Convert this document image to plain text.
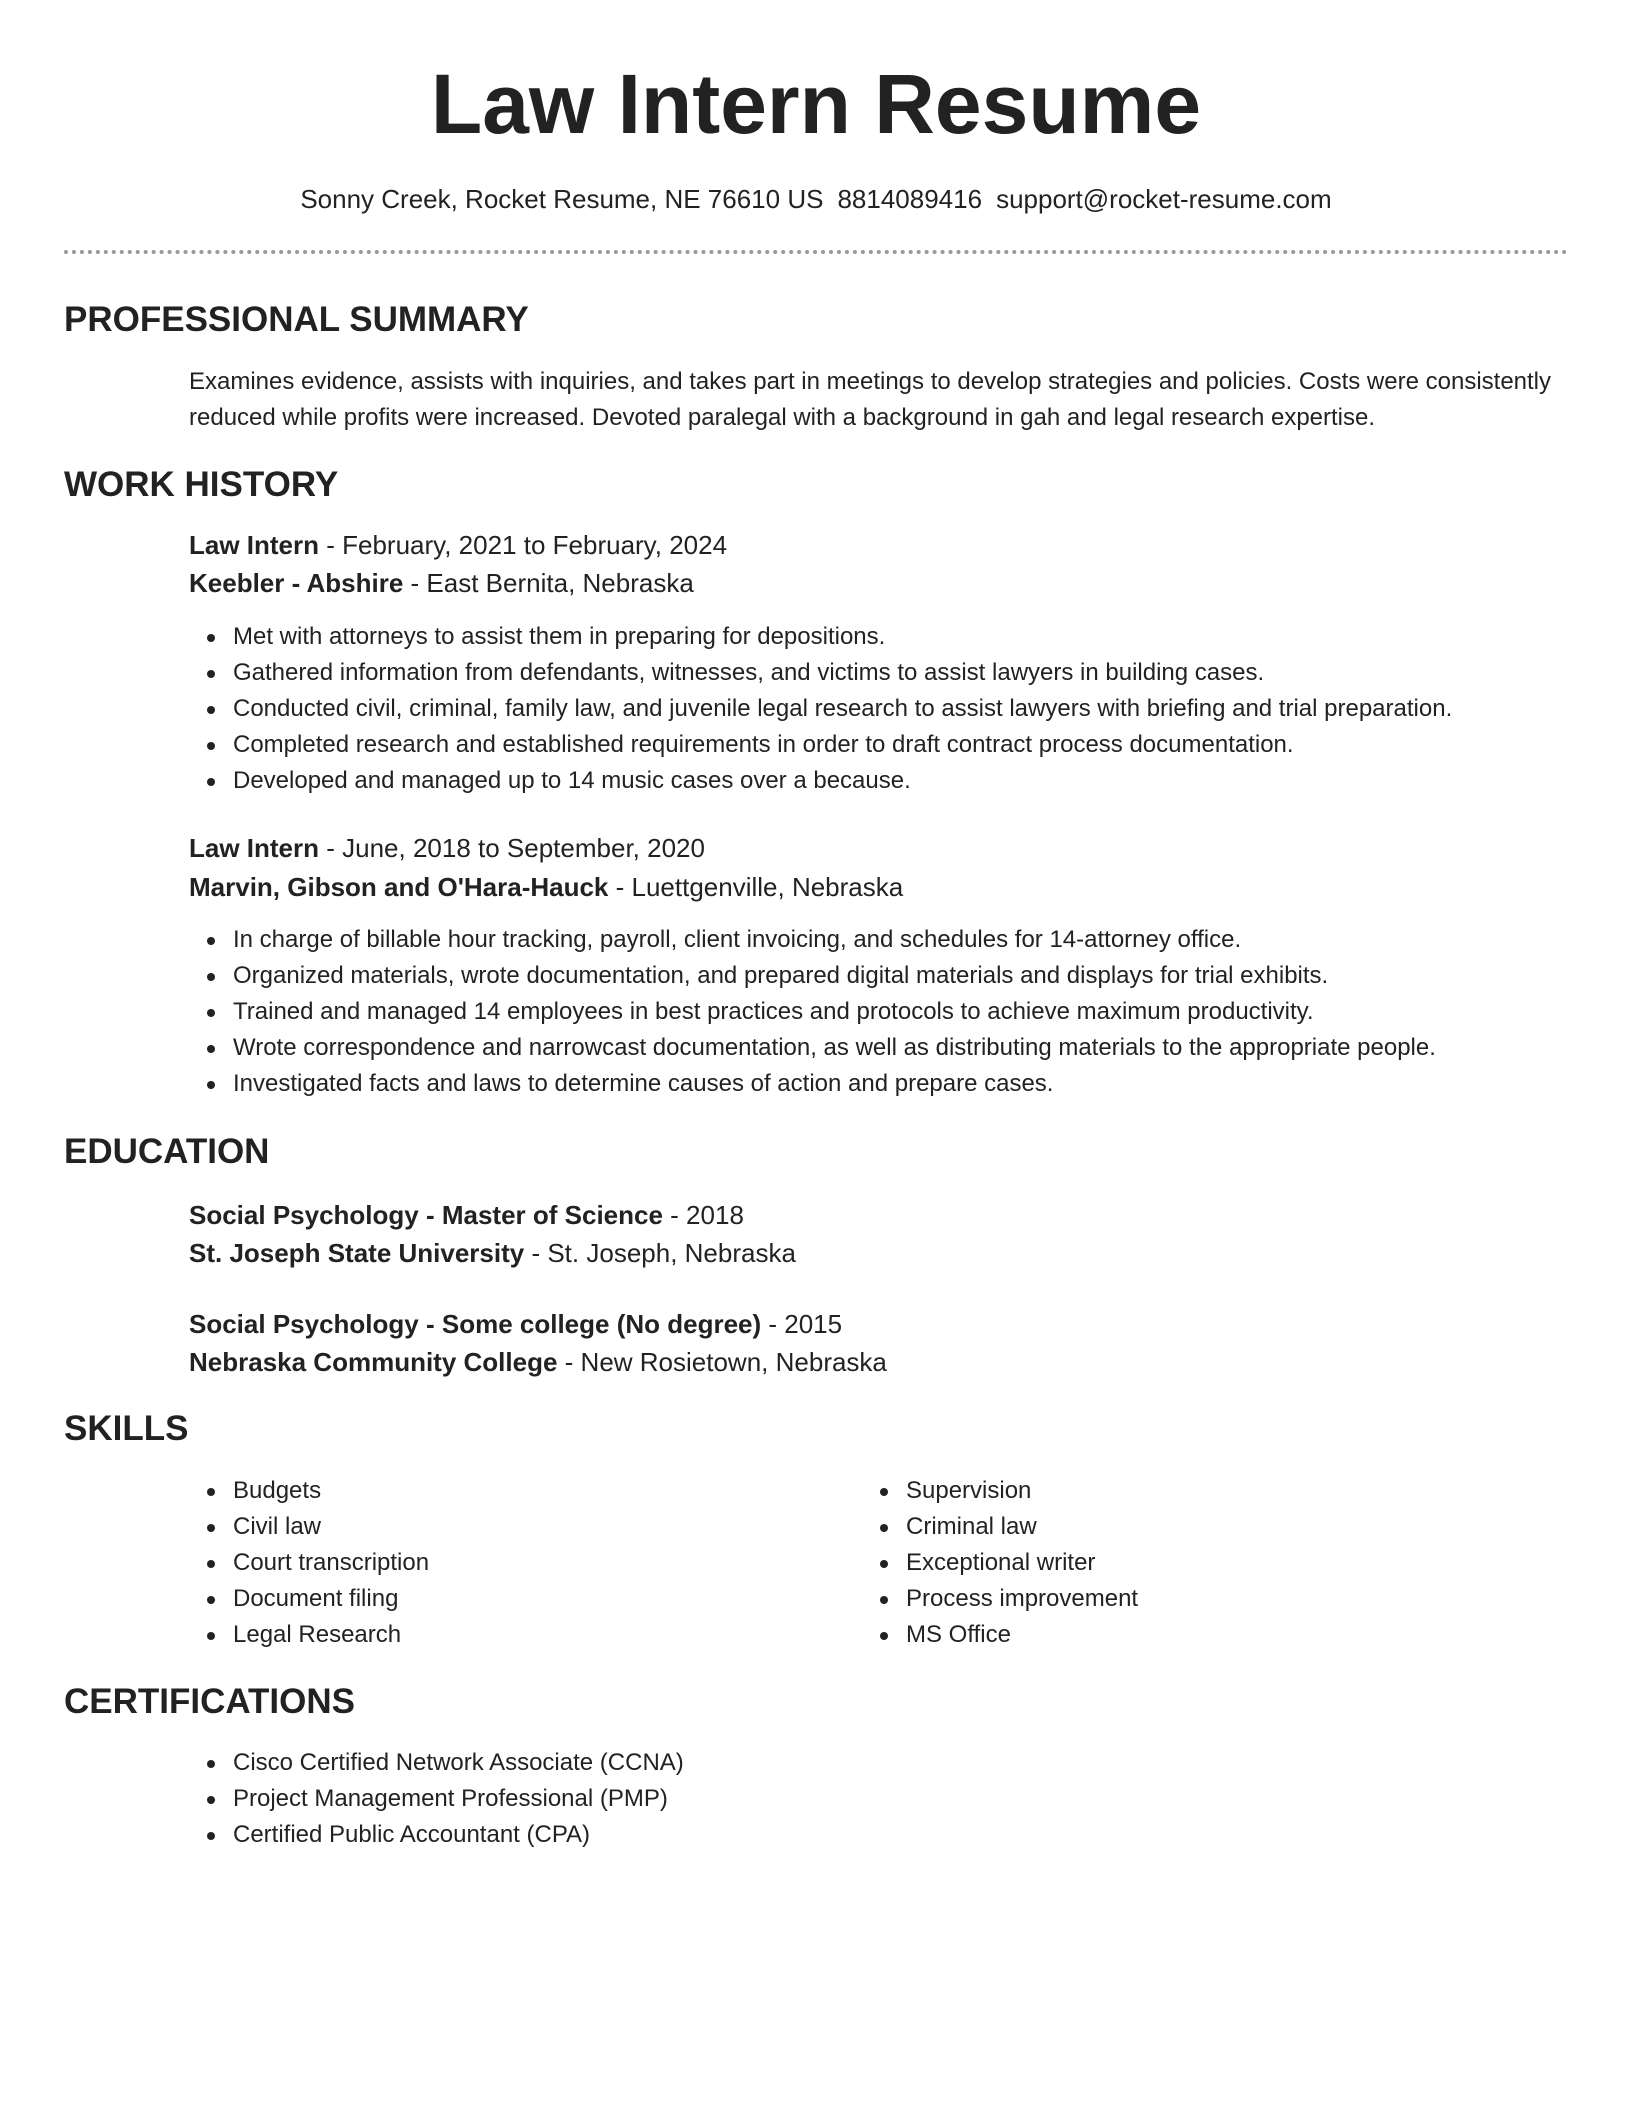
Law Intern Resume
Sonny Creek, Rocket Resume, NE 76610 US 8814089416 support@rocket-resume.com
PROFESSIONAL SUMMARY

Examines evidence, assists with inquiries, and takes part in meetings to develop strategies and policies. Costs were consistently reduced while profits were increased. Devoted paralegal with a background in gah and legal research expertise.

WORK HISTORY
Law Intern - February, 2021 to February, 2024
Keebler - Abshire - East Bernita, Nebraska
Met with attorneys to assist them in preparing for depositions.
Gathered information from defendants, witnesses, and victims to assist lawyers in building cases.
Conducted civil, criminal, family law, and juvenile legal research to assist lawyers with briefing and trial preparation.
Completed research and established requirements in order to draft contract process documentation.
Developed and managed up to 14 music cases over a because.
Law Intern - June, 2018 to September, 2020
Marvin, Gibson and O'Hara-Hauck - Luettgenville, Nebraska
In charge of billable hour tracking, payroll, client invoicing, and schedules for 14-attorney office.
Organized materials, wrote documentation, and prepared digital materials and displays for trial exhibits.
Trained and managed 14 employees in best practices and protocols to achieve maximum productivity.
Wrote correspondence and narrowcast documentation, as well as distributing materials to the appropriate people.
Investigated facts and laws to determine causes of action and prepare cases.
EDUCATION
Social Psychology - Master of Science - 2018
St. Joseph State University - St. Joseph, Nebraska
Social Psychology - Some college (No degree) - 2015
Nebraska Community College - New Rosietown, Nebraska
SKILLS
Budgets
Civil law
Court transcription
Document filing
Legal Research
Supervision
Criminal law
Exceptional writer
Process improvement
MS Office
CERTIFICATIONS
Cisco Certified Network Associate (CCNA)
Project Management Professional (PMP)
Certified Public Accountant (CPA)
